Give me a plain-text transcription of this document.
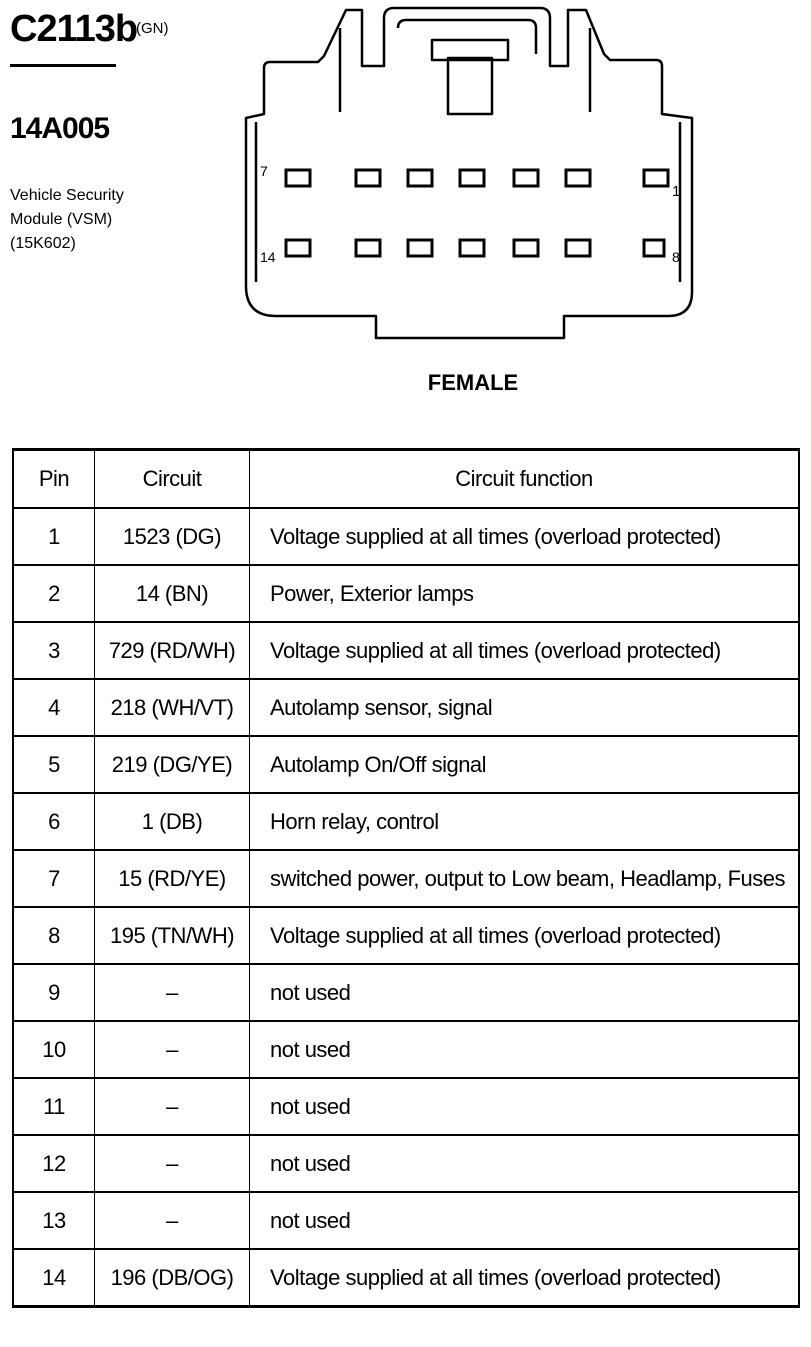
C2113b
(GN)
14A005
Vehicle Security
Module (VSM)
(15K602)
7
1
14	8
FEMALE
Pin	Circuit	Circuit function
1	1523 (DG)	Voltage supplied at all times (overload protected)
2	14 (BN)	Power, Exterior lamps
3	729 (RD/WH)	Voltage supplied at all times (overload protected)
4	218 (WH/VT)	Autolamp sensor, signal
5	219 (DG/YE)	Autolamp On/Off signal
6	1 (DB)	Horn relay, control
7	15 (RD/YE)	switched power, output to Low beam, Headlamp, Fuses
8	195 (TN/WH)	Voltage supplied at all times (overload protected)
9	–	not used
10	–	not used
11	–	not used
12	–	not used
13	–	not used
14	196 (DB/OG)	Voltage supplied at all times (overload protected)
